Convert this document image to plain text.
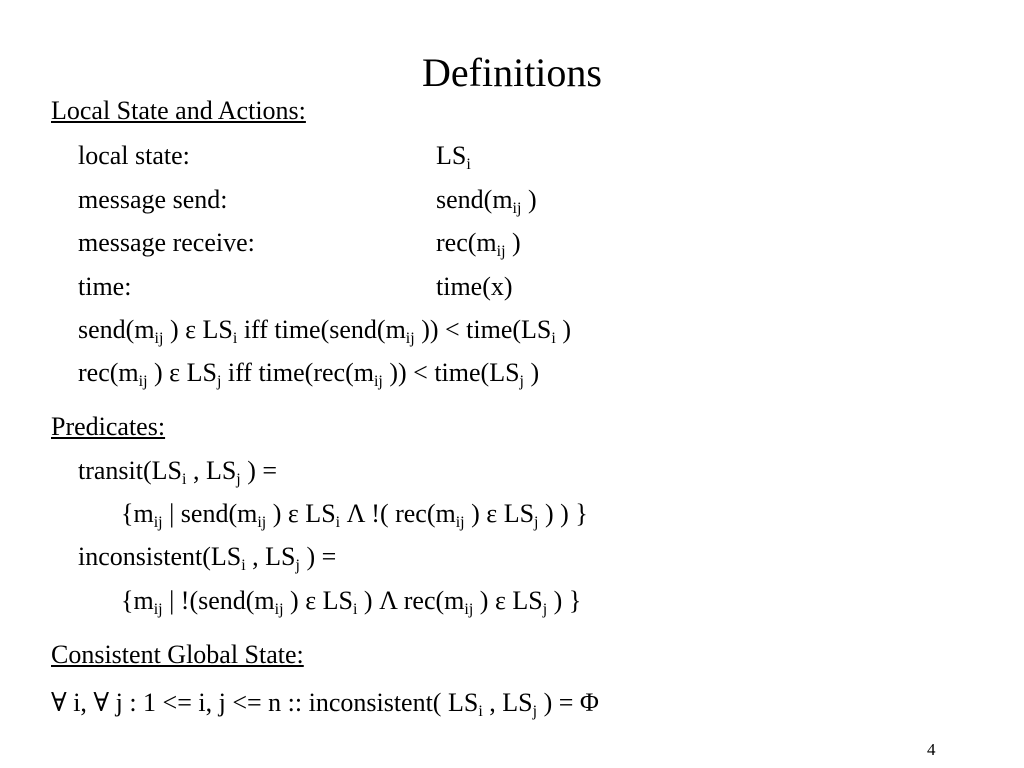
Definitions
Local State and Actions:
local state:	$LS_i$
message send:	$send(m_{ij}$ )
message receive:	$rec(m_{ij}$ )
time:	time(x)
$send(m_{ij}$ ) ε $LS_i$ iff $time(send(m_{ij}$ )) < $time(LS_i$ )
$rec(m_{ij}$ ) ε $LS_j$ iff $time(rec(m_{ij}$ )) < $time(LS_j$ )
Predicates:
$transit(LS_i$ , $LS_j$ ) =
{$m_{ij}$ | $send(m_{ij}$ ) ε $LS_i$ Λ !( $rec(m_{ij}$ ) ε $LS_j$ ) ) }
$inconsistent(LS_i$ , $LS_j$ ) =
{$m_{ij}$ | $!(send(m_{ij}$ ) ε $LS_i$ ) Λ $rec(m_{ij}$ ) ε $LS_j$ ) }
Consistent Global State:
∀ i, ∀ j : 1 <= i, j <= n :: inconsistent( $LS_i$ , $LS_j$ ) = Φ
4
